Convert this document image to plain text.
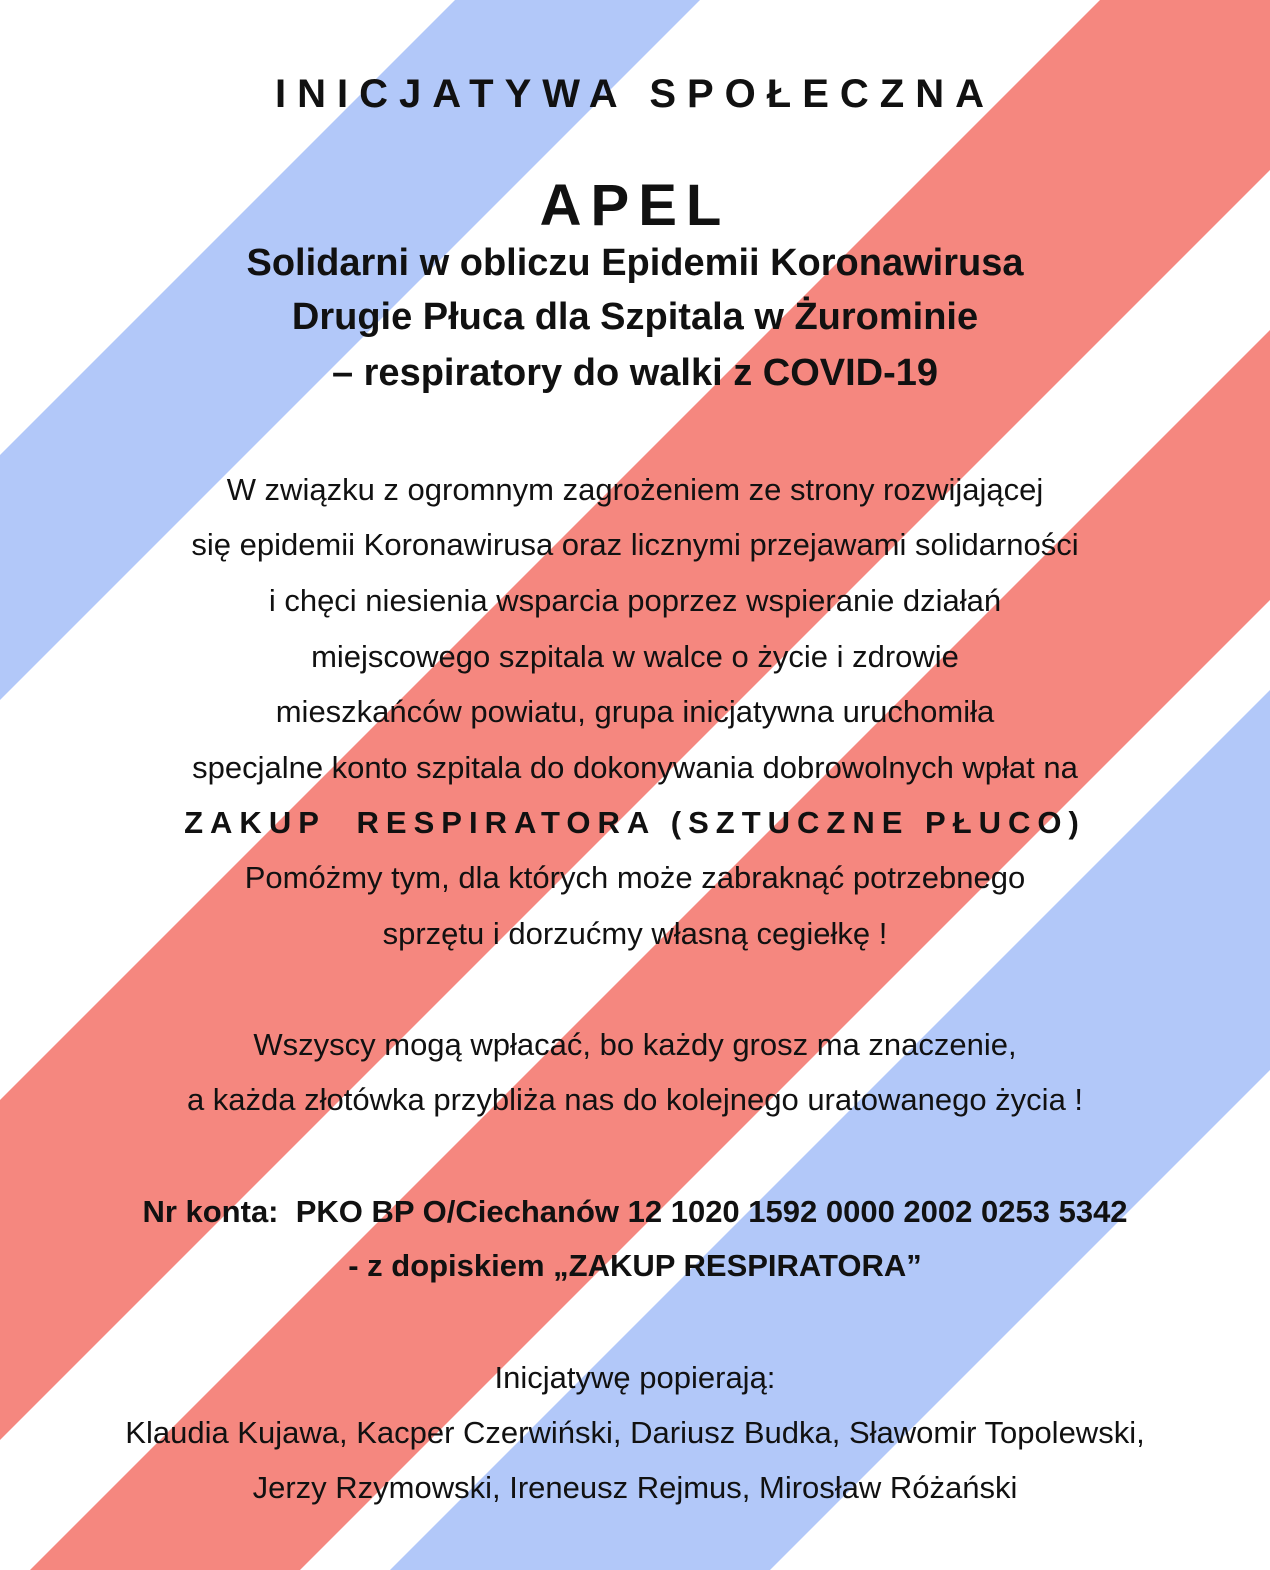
INICJATYWA SPOŁECZNA
APEL
Solidarni w obliczu Epidemii Koronawirusa
Drugie Płuca dla Szpitala w Żurominie
– respiratory do walki z COVID-19
W związku z ogromnym zagrożeniem ze strony rozwijającej
się epidemii Koronawirusa oraz licznymi przejawami solidarności
i chęci niesienia wsparcia poprzez wspieranie działań
miejscowego szpitala w walce o życie i zdrowie
mieszkańców powiatu, grupa inicjatywna uruchomiła
specjalne konto szpitala do dokonywania dobrowolnych wpłat na
ZAKUP  RESPIRATORA (SZTUCZNE PŁUCO)
Pomóżmy tym, dla których może zabraknąć potrzebnego
sprzętu i dorzućmy własną cegiełkę !
Wszyscy mogą wpłacać, bo każdy grosz ma znaczenie,
a każda złotówka przybliża nas do kolejnego uratowanego życia !
Nr konta:  PKO BP O/Ciechanów 12 1020 1592 0000 2002 0253 5342
- z dopiskiem „ZAKUP RESPIRATORA”
Inicjatywę popierają:
Klaudia Kujawa, Kacper Czerwiński, Dariusz Budka, Sławomir Topolewski,
Jerzy Rzymowski, Ireneusz Rejmus, Mirosław Różański
